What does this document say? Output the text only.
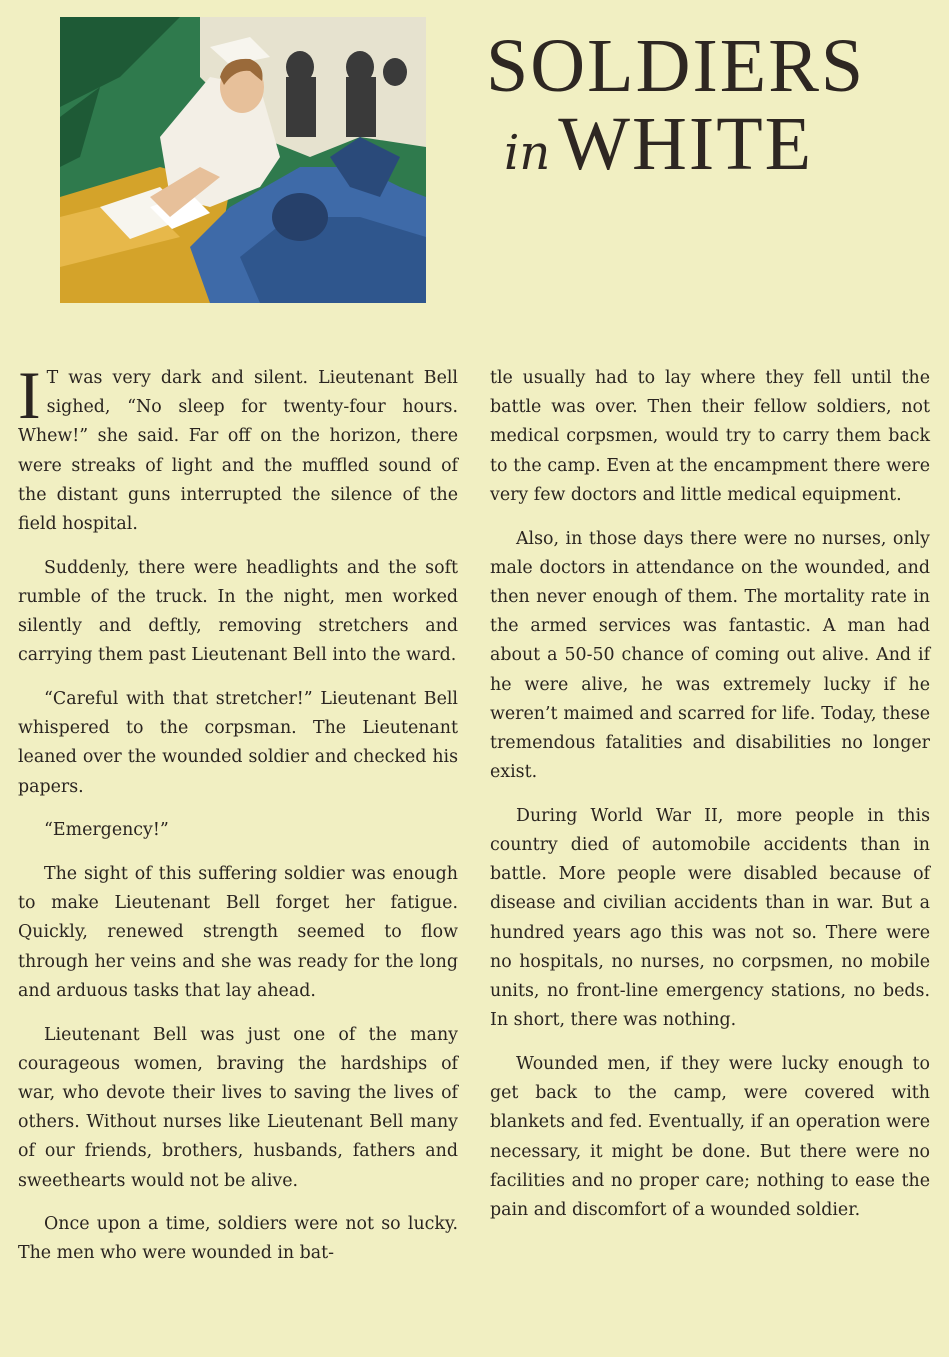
SOLDIERS
in WHITE

I T was very dark and silent. Lieutenant Bell sighed, “No sleep for twenty-four hours. Whew!” she said. Far off on the horizon, there were streaks of light and the muffled sound of the distant guns interrupted the silence of the field hospital.

Suddenly, there were headlights and the soft rumble of the truck. In the night, men worked silently and deftly, removing stretchers and carrying them past Lieutenant Bell into the ward.

“Careful with that stretcher!” Lieutenant Bell whispered to the corpsman. The Lieutenant leaned over the wounded soldier and checked his papers.

“Emergency!”

The sight of this suffering soldier was enough to make Lieutenant Bell forget her fatigue. Quickly, renewed strength seemed to flow through her veins and she was ready for the long and arduous tasks that lay ahead.

Lieutenant Bell was just one of the many courageous women, braving the hardships of war, who devote their lives to saving the lives of others. Without nurses like Lieutenant Bell many of our friends, brothers, husbands, fathers and sweethearts would not be alive.

Once upon a time, soldiers were not so lucky. The men who were wounded in bat-

tle usually had to lay where they fell until the battle was over. Then their fellow soldiers, not medical corpsmen, would try to carry them back to the camp. Even at the encampment there were very few doctors and little medical equipment.

Also, in those days there were no nurses, only male doctors in attendance on the wounded, and then never enough of them. The mortality rate in the armed services was fantastic. A man had about a 50-50 chance of coming out alive. And if he were alive, he was extremely lucky if he weren’t maimed and scarred for life. Today, these tremendous fatalities and disabilities no longer exist.

During World War II, more people in this country died of automobile accidents than in battle. More people were disabled because of disease and civilian accidents than in war. But a hundred years ago this was not so. There were no hospitals, no nurses, no corpsmen, no mobile units, no front-line emergency stations, no beds. In short, there was nothing.

Wounded men, if they were lucky enough to get back to the camp, were covered with blankets and fed. Eventually, if an operation were necessary, it might be done. But there were no facilities and no proper care; nothing to ease the pain and discomfort of a wounded soldier.
